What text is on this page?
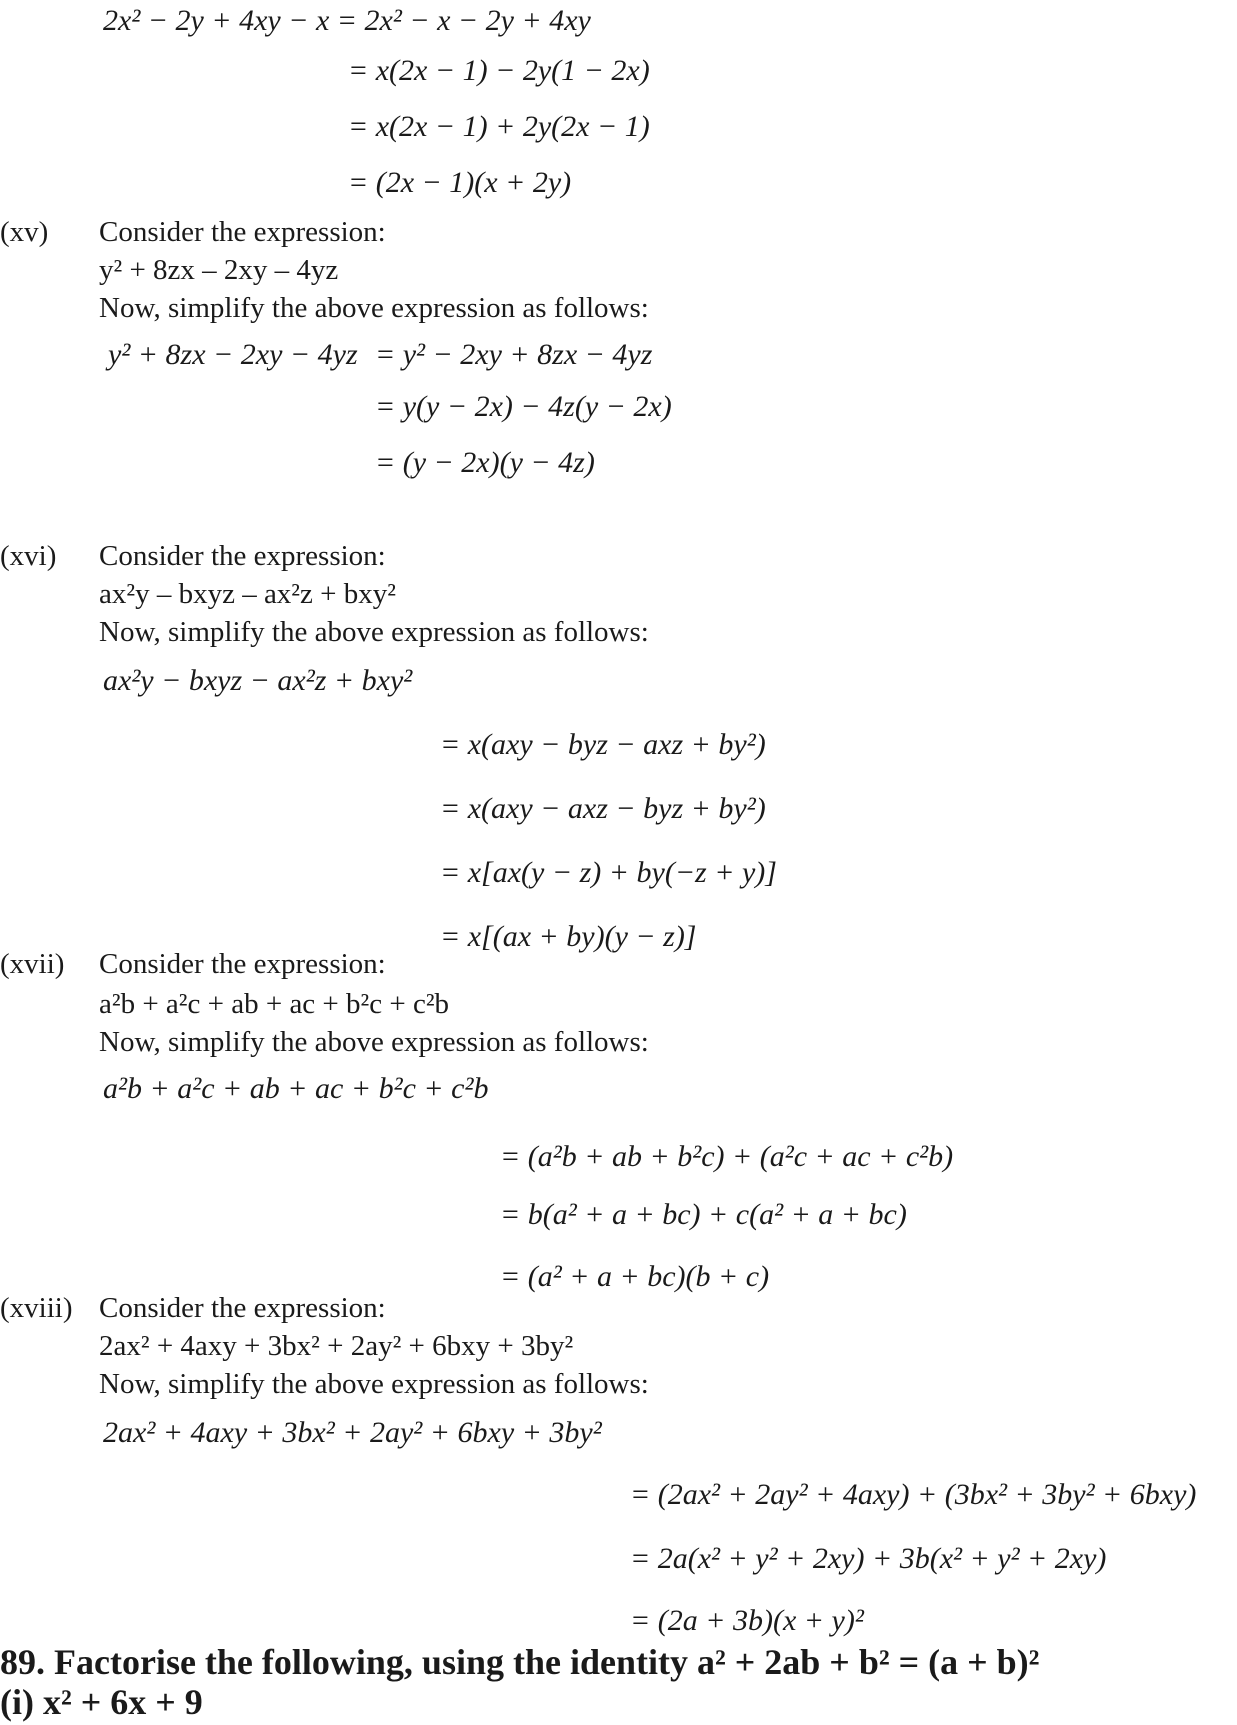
2x² − 2y + 4xy − x = 2x² − x − 2y + 4xy
= x(2x − 1) − 2y(1 − 2x)
= x(2x − 1) + 2y(2x − 1)
= (2x − 1)(x + 2y)
(xv) Consider the expression:
y² + 8zx – 2xy – 4yz
Now, simplify the above expression as follows:
y² + 8zx − 2xy − 4yz = y² − 2xy + 8zx − 4yz
= y(y − 2x) − 4z(y − 2x)
= (y − 2x)(y − 4z)
(xvi) Consider the expression:
ax²y – bxyz – ax²z + bxy²
Now, simplify the above expression as follows:
ax²y − bxyz − ax²z + bxy²
= x(axy − byz − axz + by²)
= x(axy − axz − byz + by²)
= x[ax(y − z) + by(−z + y)]
= x[(ax + by)(y − z)]
(xvii) Consider the expression:
a²b + a²c + ab + ac + b²c + c²b
Now, simplify the above expression as follows:
a²b + a²c + ab + ac + b²c + c²b
= (a²b + ab + b²c) + (a²c + ac + c²b)
= b(a² + a + bc) + c(a² + a + bc)
= (a² + a + bc)(b + c)
(xviii) Consider the expression:
2ax² + 4axy + 3bx² + 2ay² + 6bxy + 3by²
Now, simplify the above expression as follows:
2ax² + 4axy + 3bx² + 2ay² + 6bxy + 3by²
= (2ax² + 2ay² + 4axy) + (3bx² + 3by² + 6bxy)
= 2a(x² + y² + 2xy) + 3b(x² + y² + 2xy)
= (2a + 3b)(x + y)²
89. Factorise the following, using the identity a² + 2ab + b² = (a + b)²
(i) x² + 6x + 9
